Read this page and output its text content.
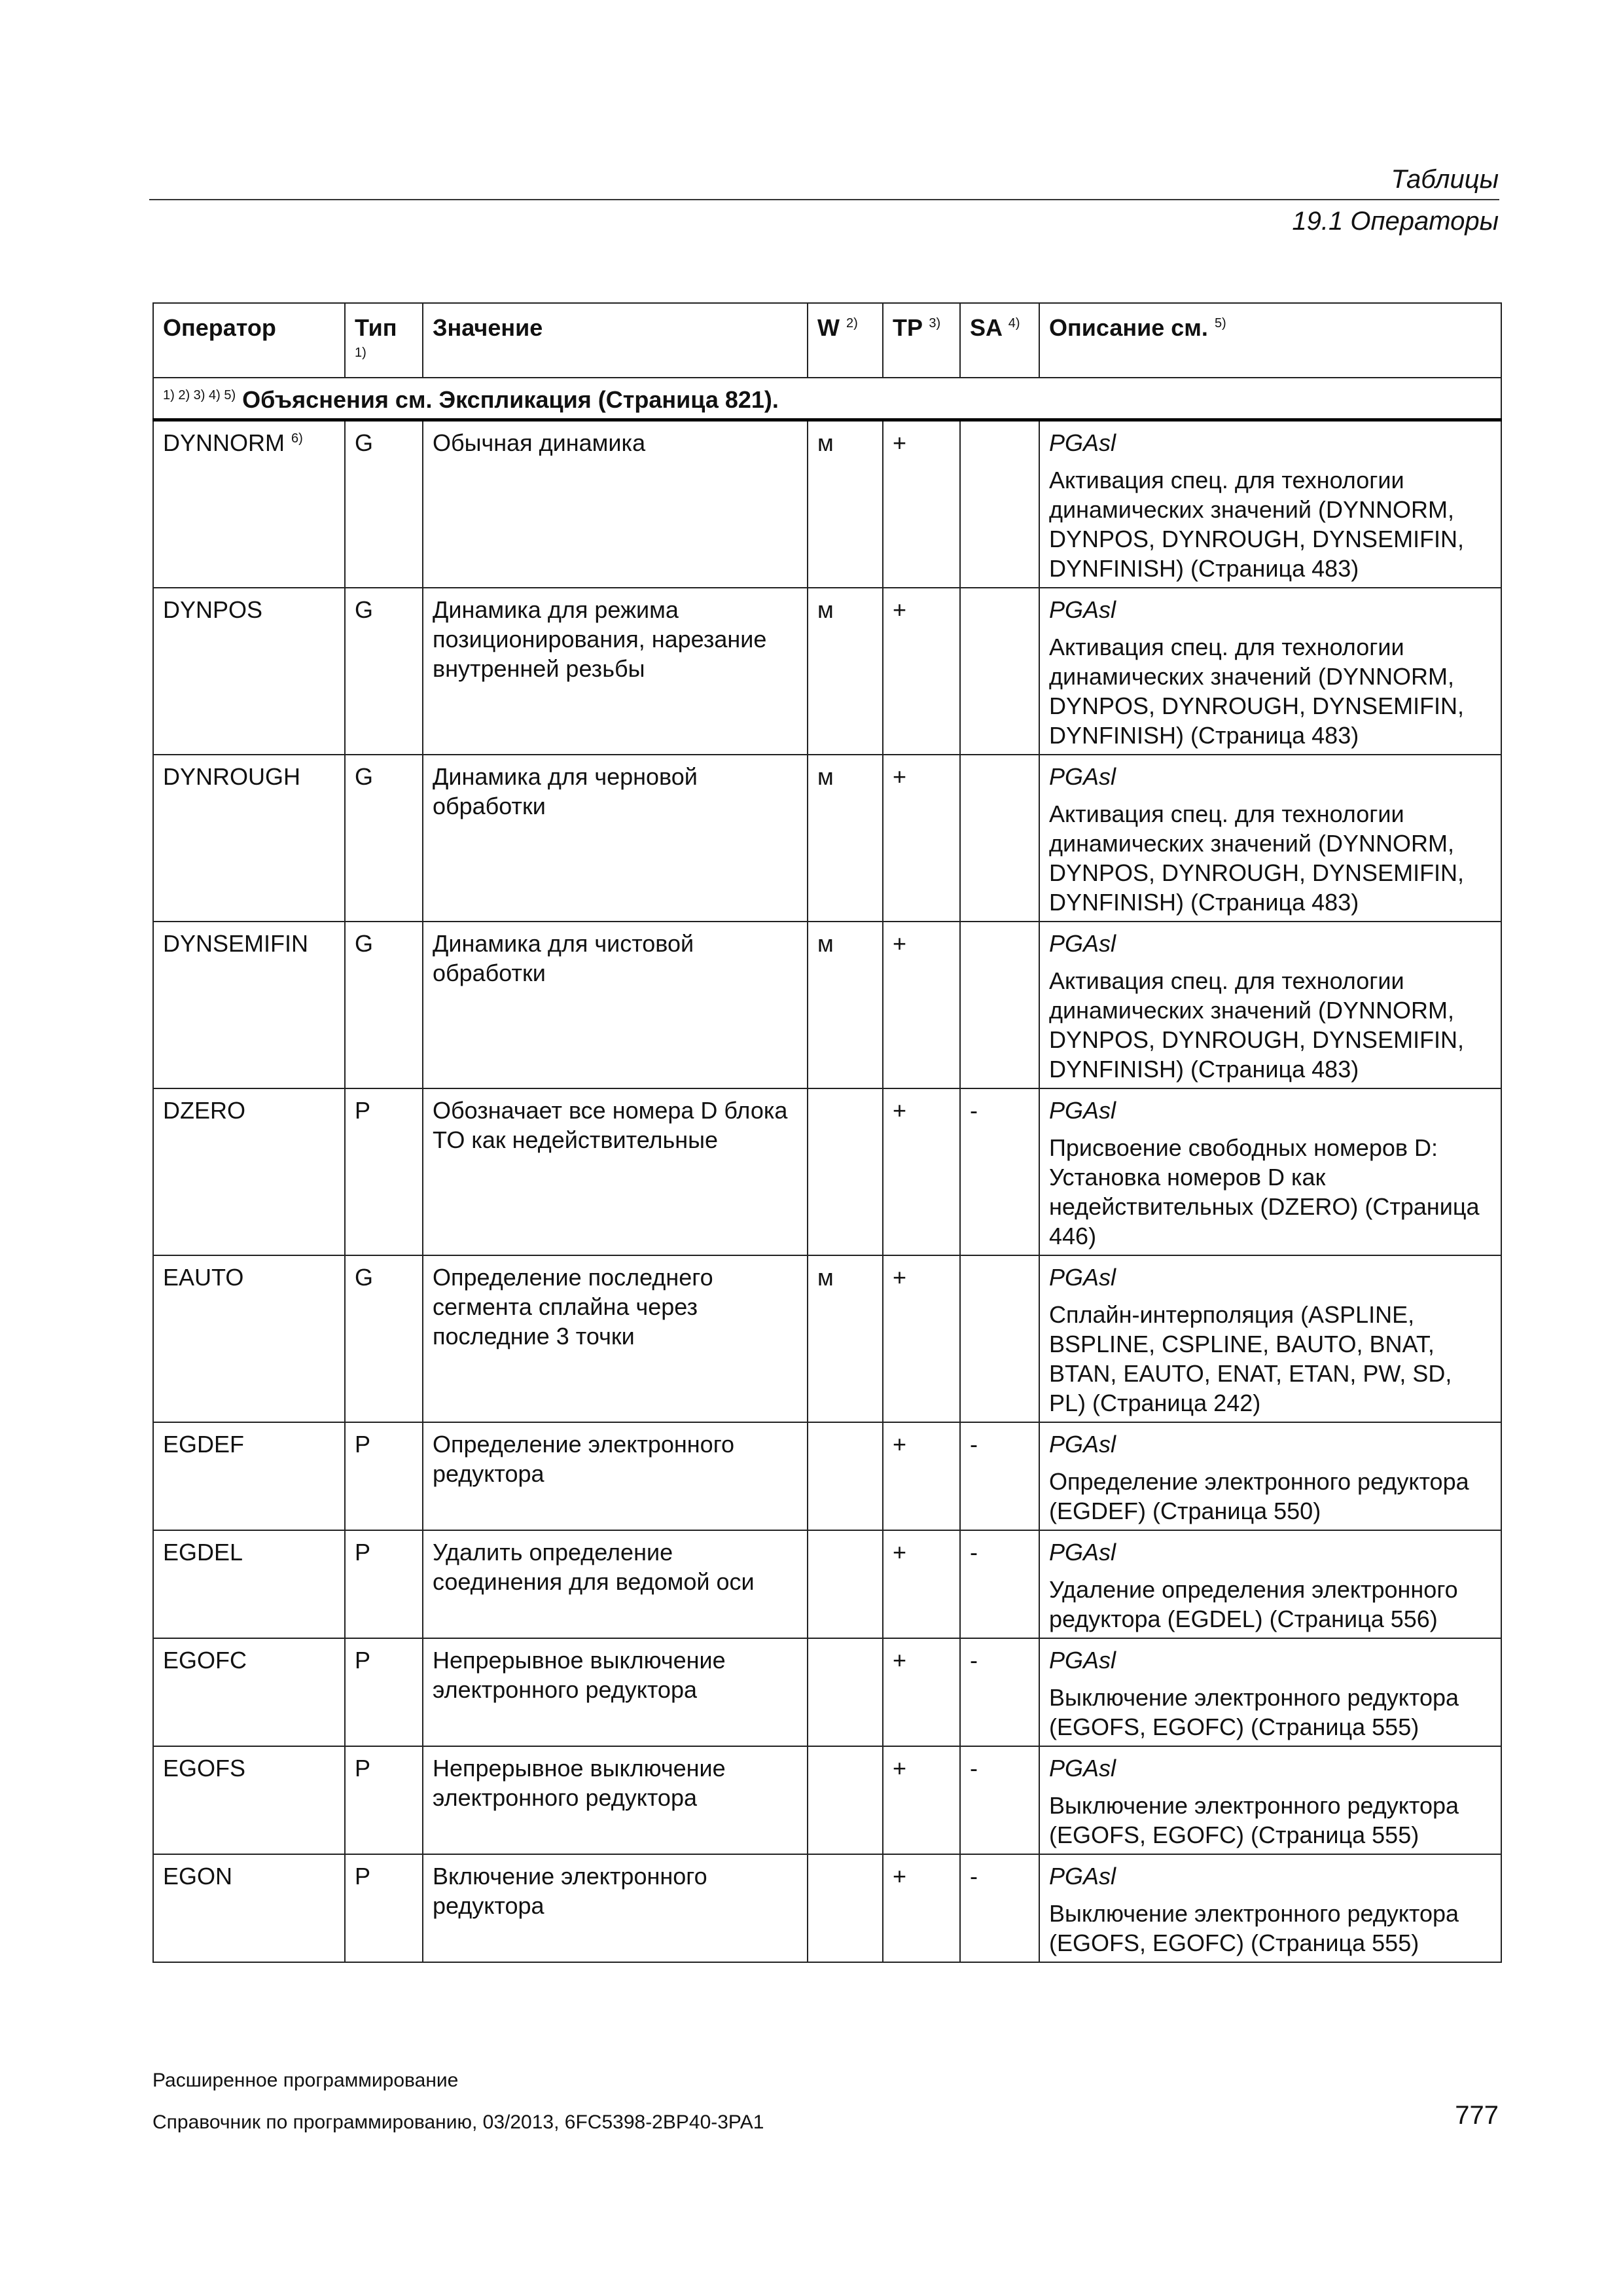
Таблицы
19.1 Операторы
Оператор	Тип $^{1)}$	Значение	W $^{2)}$	TP $^{3)}$	SA $^{4)}$	Описание см. $^{5)}$
$^{1) 2) 3) 4) 5)}$ Объяснения см. Экспликация (Страница 821).						
DYNNORM $^{6)}$	G	Обычная динамика	м	+		PGAsl
Активация спец. для технологии динамических значений (DYNNORM, DYNPOS, DYNROUGH, DYNSEMIFIN, DYNFINISH) (Страница 483)

DYNPOS	G	Динамика для режима позиционирования, нарезание внутренней резьбы	м	+		PGAsl
Активация спец. для технологии динамических значений (DYNNORM, DYNPOS, DYNROUGH, DYNSEMIFIN, DYNFINISH) (Страница 483)

DYNROUGH	G	Динамика для черновой обработки	м	+		PGAsl
Активация спец. для технологии динамических значений (DYNNORM, DYNPOS, DYNROUGH, DYNSEMIFIN, DYNFINISH) (Страница 483)

DYNSEMIFIN	G	Динамика для чистовой обработки	м	+		PGAsl
Активация спец. для технологии динамических значений (DYNNORM, DYNPOS, DYNROUGH, DYNSEMIFIN, DYNFINISH) (Страница 483)

DZERO	P	Обозначает все номера D блока TO как недействительные		+	-	PGAsl
Присвоение свободных номеров D: Установка номеров D как недействительных (DZERO) (Страница 446)

EAUTO	G	Определение последнего сегмента сплайна через последние 3 точки	м	+		PGAsl
Сплайн-интерполяция (ASPLINE, BSPLINE, CSPLINE, BAUTO, BNAT, BTAN, EAUTO, ENAT, ETAN, PW, SD, PL) (Страница 242)

EGDEF	P	Определение электронного редуктора		+	-	PGAsl
Определение электронного редуктора (EGDEF) (Страница 550)

EGDEL	P	Удалить определение соединения для ведомой оси		+	-	PGAsl
Удаление определения электронного редуктора (EGDEL) (Страница 556)

EGOFC	P	Непрерывное выключение электронного редуктора		+	-	PGAsl
Выключение электронного редуктора (EGOFS, EGOFC) (Страница 555)

EGOFS	P	Непрерывное выключение электронного редуктора		+	-	PGAsl
Выключение электронного редуктора (EGOFS, EGOFC) (Страница 555)

EGON	P	Включение электронного редуктора		+	-	PGAsl
Выключение электронного редуктора (EGOFS, EGOFC) (Страница 555)
Расширенное программирование
Справочник по программированию, 03/2013, 6FC5398-2BP40-3PA1	777
